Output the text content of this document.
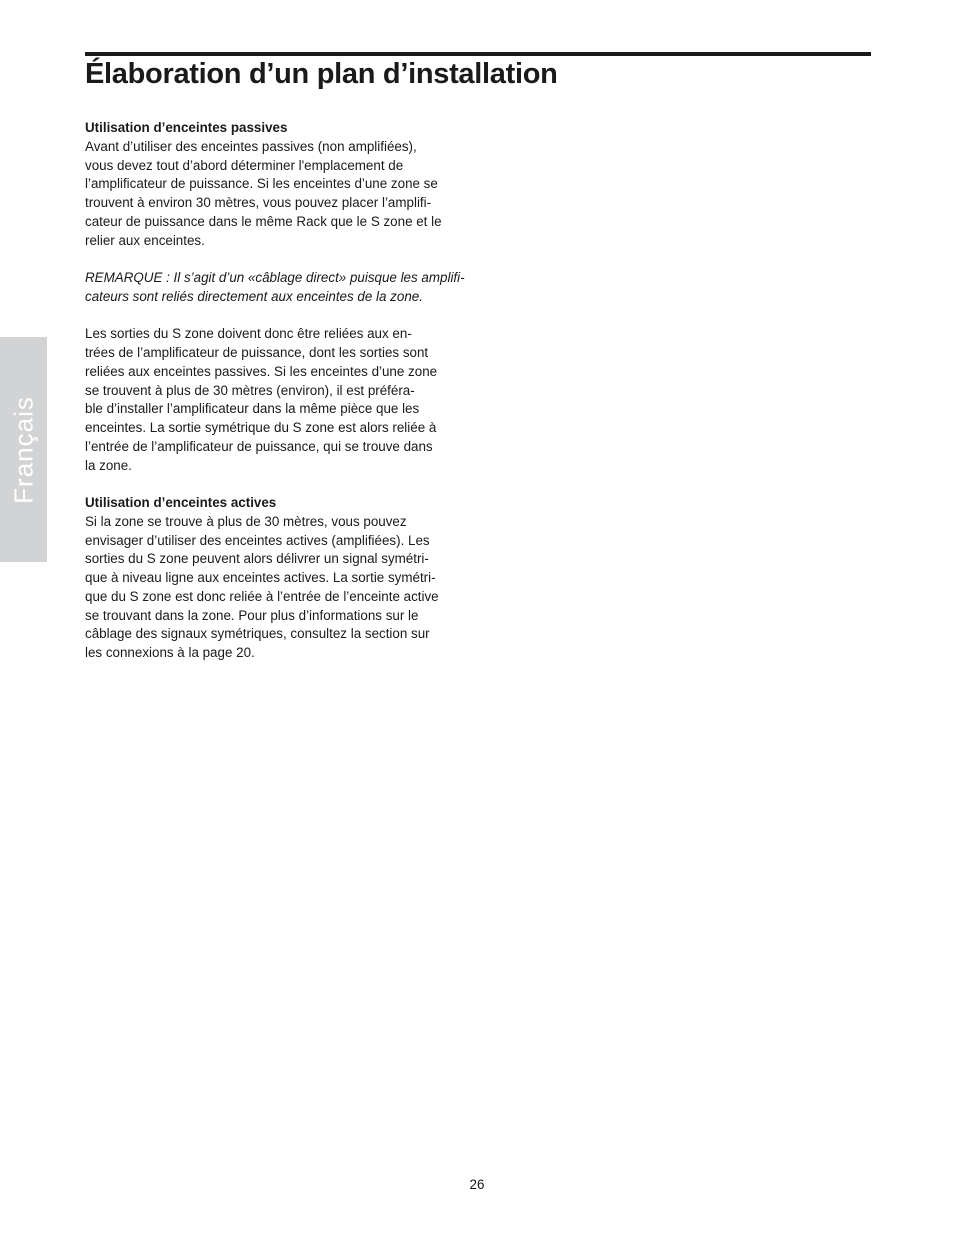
Élaboration d’un plan d’installation
Français

Utilisation d’enceintes passives

Avant d’utiliser des enceintes passives (non amplifiées),
vous devez tout d’abord déterminer l'emplacement de
l’amplificateur de puissance. Si les enceintes d’une zone se
trouvent à environ 30 mètres, vous pouvez placer l’amplifi-
cateur de puissance dans le même Rack que le S zone et le
relier aux enceintes.

REMARQUE : Il s’agit d’un «câblage direct» puisque les amplifi-
cateurs sont reliés directement aux enceintes de la zone.

Les sorties du S zone doivent donc être reliées aux en-
trées de l’amplificateur de puissance, dont les sorties sont
reliées aux enceintes passives. Si les enceintes d’une zone
se trouvent à plus de 30 mètres (environ), il est préféra-
ble d’installer l’amplificateur dans la même pièce que les
enceintes. La sortie symétrique du S zone est alors reliée à
l’entrée de l’amplificateur de puissance, qui se trouve dans
la zone.

Utilisation d’enceintes actives

Si la zone se trouve à plus de 30 mètres, vous pouvez
envisager d’utiliser des enceintes actives (amplifiées). Les
sorties du S zone peuvent alors délivrer un signal symétri-
que à niveau ligne aux enceintes actives. La sortie symétri-
que du S zone est donc reliée à l’entrée de l’enceinte active
se trouvant dans la zone. Pour plus d’informations sur le
câblage des signaux symétriques, consultez la section sur
les connexions à la page 20.

26
